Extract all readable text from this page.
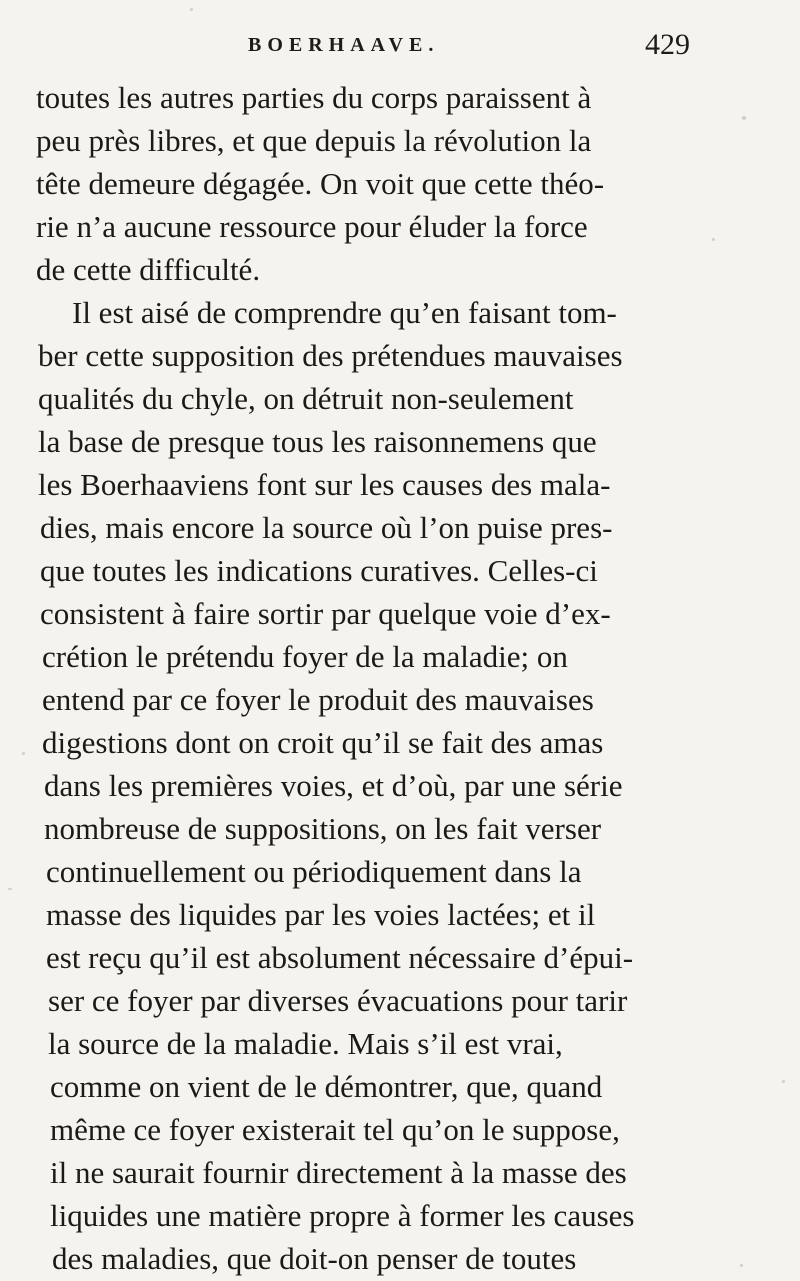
BOERHAAVE.	429
toutes les autres parties du corps paraissent à
peu près libres, et que depuis la révolution la
tête demeure dégagée. On voit que cette théo-
rie n’a aucune ressource pour éluder la force
de cette difficulté.
Il est aisé de comprendre qu’en faisant tom-
ber cette supposition des prétendues mauvaises
qualités du chyle, on détruit non-seulement
la base de presque tous les raisonnemens que
les Boerhaaviens font sur les causes des mala-
dies, mais encore la source où l’on puise pres-
que toutes les indications curatives. Celles-ci
consistent à faire sortir par quelque voie d’ex-
crétion le prétendu foyer de la maladie; on
entend par ce foyer le produit des mauvaises
digestions dont on croit qu’il se fait des amas
dans les premières voies, et d’où, par une série
nombreuse de suppositions, on les fait verser
continuellement ou périodiquement dans la
masse des liquides par les voies lactées; et il
est reçu qu’il est absolument nécessaire d’épui-
ser ce foyer par diverses évacuations pour tarir
la source de la maladie. Mais s’il est vrai,
comme on vient de le démontrer, que, quand
même ce foyer existerait tel qu’on le suppose,
il ne saurait fournir directement à la masse des
liquides une matière propre à former les causes
des maladies, que doit-on penser de toutes
